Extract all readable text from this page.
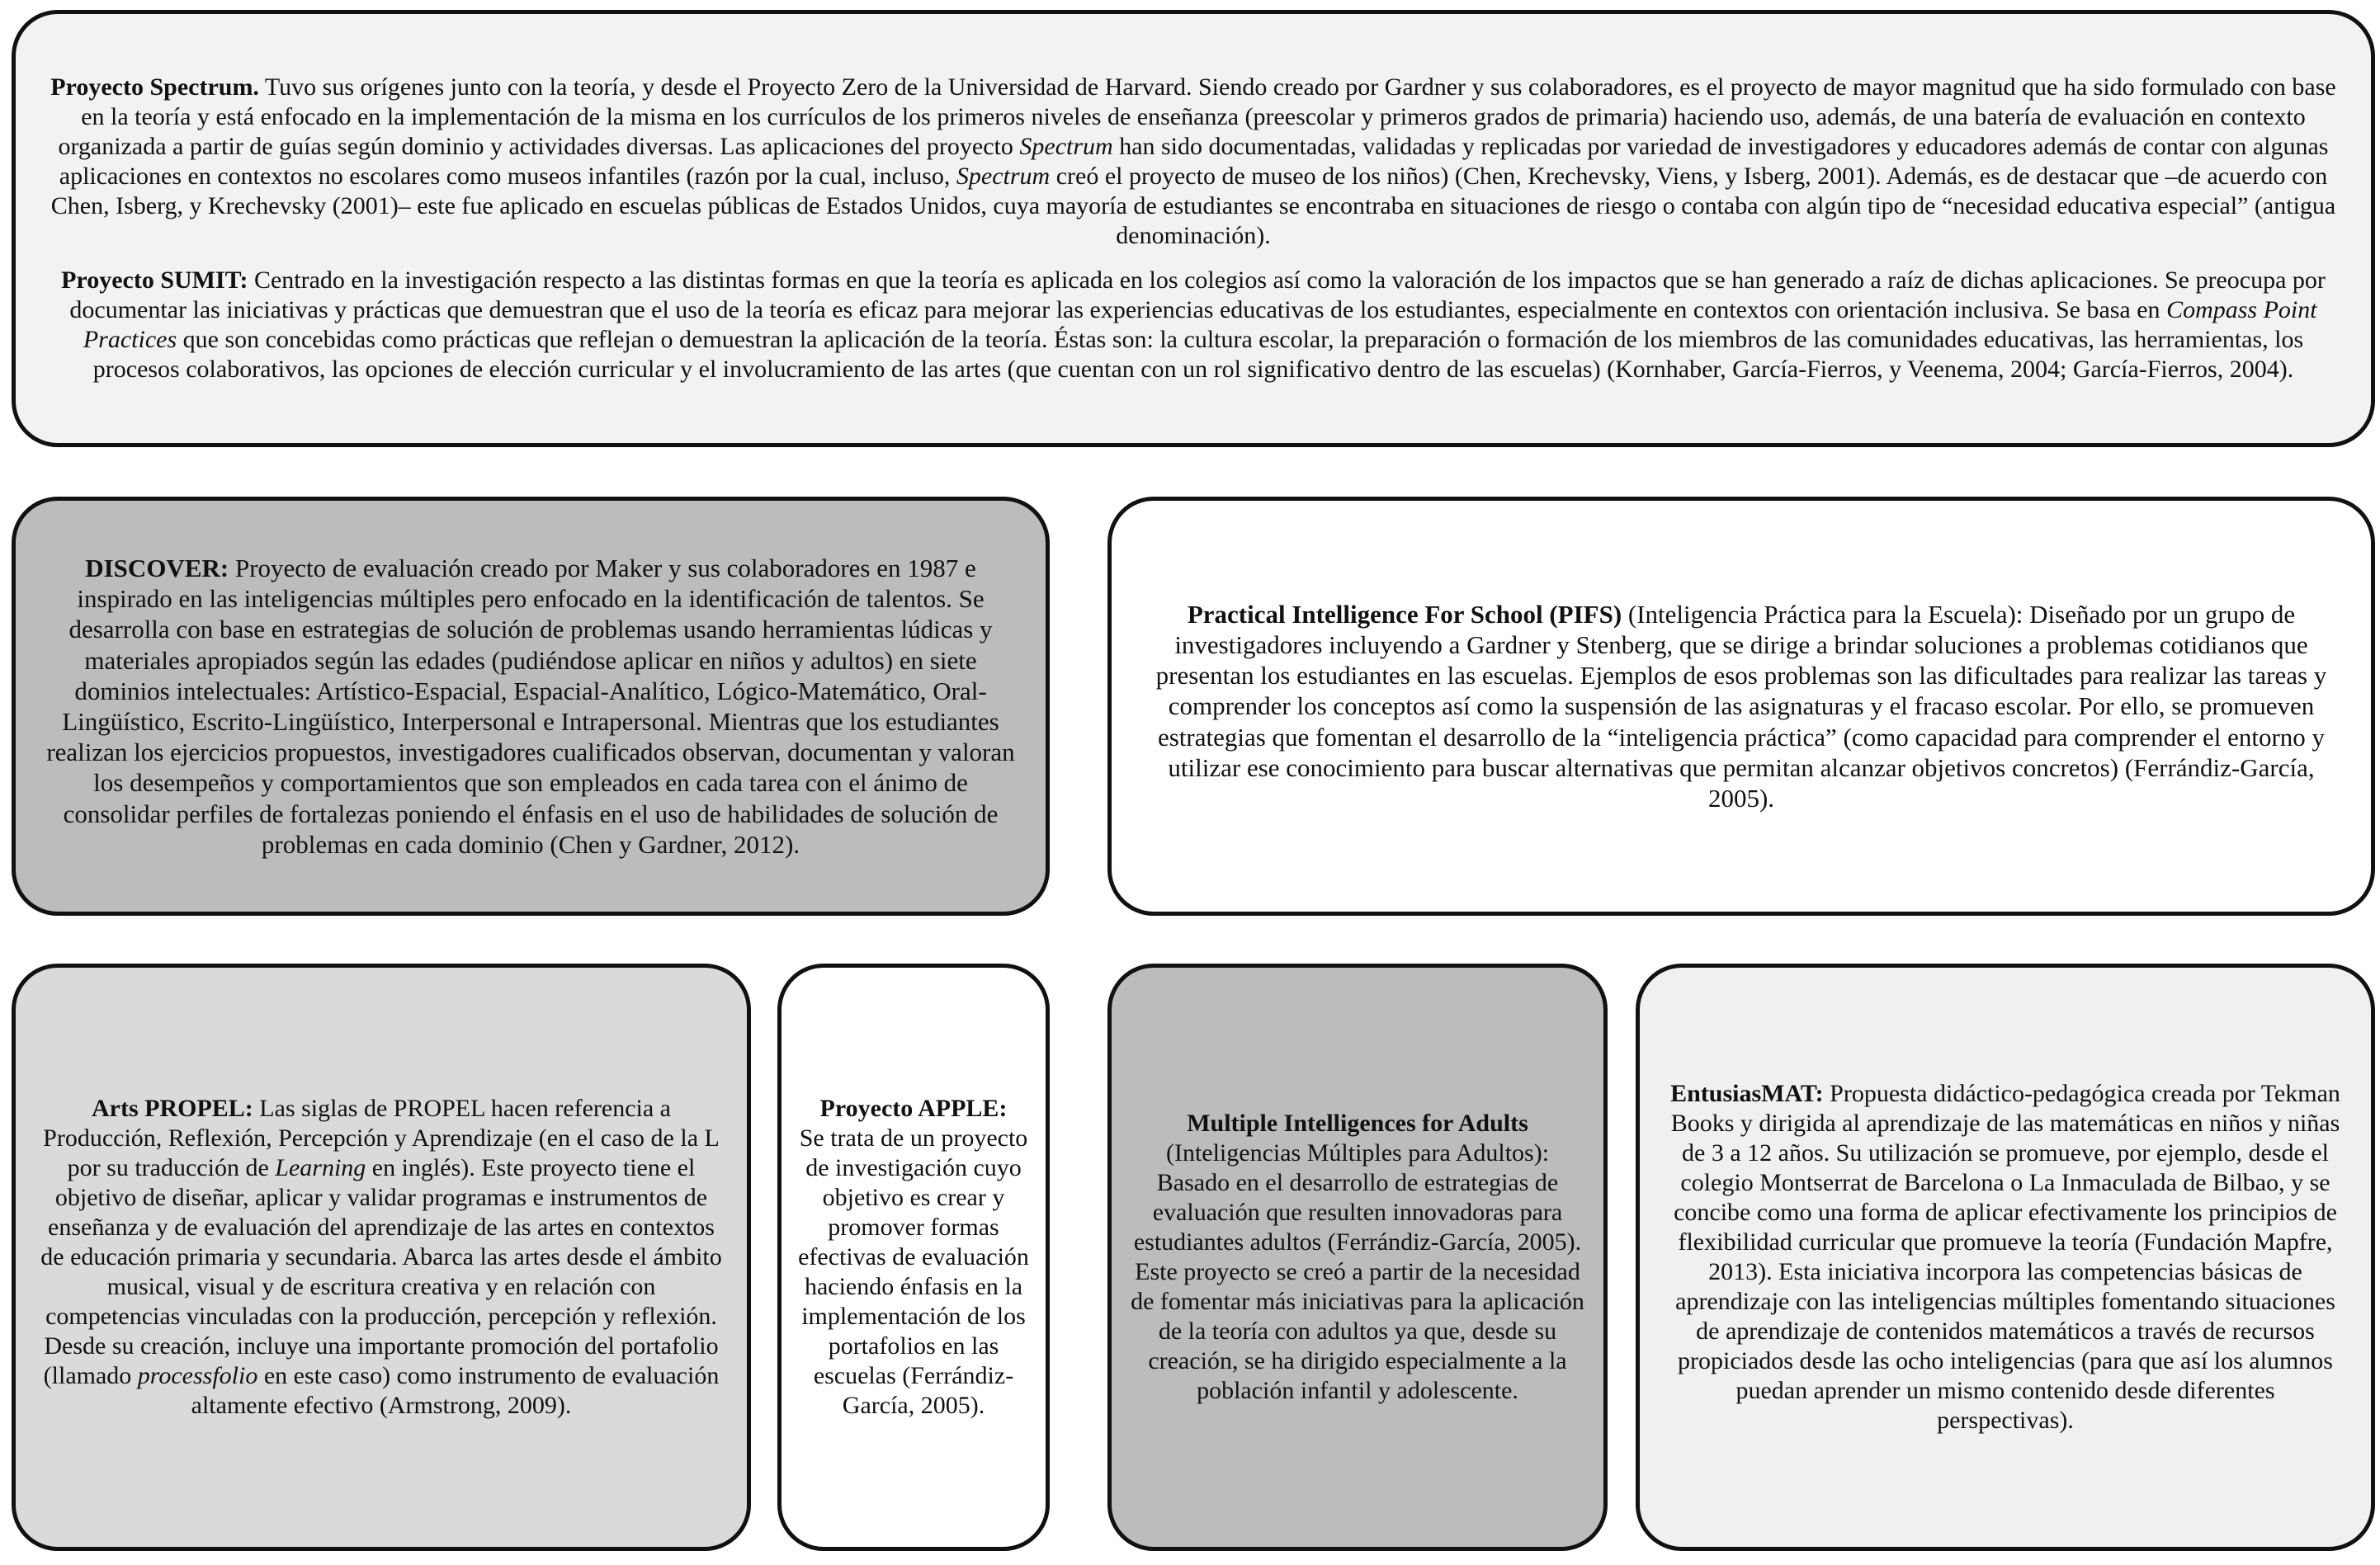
Proyecto Spectrum. Tuvo sus orígenes junto con la teoría, y desde el Proyecto Zero de la Universidad de Harvard. Siendo creado por Gardner y sus colaboradores, es el proyecto de mayor magnitud que ha sido formulado con base en la teoría y está enfocado en la implementación de la misma en los currículos de los primeros niveles de enseñanza (preescolar y primeros grados de primaria) haciendo uso, además, de una batería de evaluación en contexto organizada a partir de guías según dominio y actividades diversas. Las aplicaciones del proyecto Spectrum han sido documentadas, validadas y replicadas por variedad de investigadores y educadores además de contar con algunas aplicaciones en contextos no escolares como museos infantiles (razón por la cual, incluso, Spectrum creó el proyecto de museo de los niños) (Chen, Krechevsky, Viens, y Isberg, 2001). Además, es de destacar que –de acuerdo con Chen, Isberg, y Krechevsky (2001)– este fue aplicado en escuelas públicas de Estados Unidos, cuya mayoría de estudiantes se encontraba en situaciones de riesgo o contaba con algún tipo de “necesidad educativa especial” (antigua denominación).

Proyecto SUMIT: Centrado en la investigación respecto a las distintas formas en que la teoría es aplicada en los colegios así como la valoración de los impactos que se han generado a raíz de dichas aplicaciones. Se preocupa por documentar las iniciativas y prácticas que demuestran que el uso de la teoría es eficaz para mejorar las experiencias educativas de los estudiantes, especialmente en contextos con orientación inclusiva. Se basa en Compass Point Practices que son concebidas como prácticas que reflejan o demuestran la aplicación de la teoría. Éstas son: la cultura escolar, la preparación o formación de los miembros de las comunidades educativas, las herramientas, los procesos colaborativos, las opciones de elección curricular y el involucramiento de las artes (que cuentan con un rol significativo dentro de las escuelas) (Kornhaber, García-Fierros, y Veenema, 2004; García-Fierros, 2004).

DISCOVER: Proyecto de evaluación creado por Maker y sus colaboradores en 1987 e inspirado en las inteligencias múltiples pero enfocado en la identificación de talentos. Se desarrolla con base en estrategias de solución de problemas usando herramientas lúdicas y materiales apropiados según las edades (pudiéndose aplicar en niños y adultos) en siete dominios intelectuales: Artístico-Espacial, Espacial-Analítico, Lógico-Matemático, Oral-Lingüístico, Escrito-Lingüístico, Interpersonal e Intrapersonal. Mientras que los estudiantes realizan los ejercicios propuestos, investigadores cualificados observan, documentan y valoran los desempeños y comportamientos que son empleados en cada tarea con el ánimo de consolidar perfiles de fortalezas poniendo el énfasis en el uso de habilidades de solución de problemas en cada dominio (Chen y Gardner, 2012).

Practical Intelligence For School (PIFS) (Inteligencia Práctica para la Escuela): Diseñado por un grupo de investigadores incluyendo a Gardner y Stenberg, que se dirige a brindar soluciones a problemas cotidianos que presentan los estudiantes en las escuelas. Ejemplos de esos problemas son las dificultades para realizar las tareas y comprender los conceptos así como la suspensión de las asignaturas y el fracaso escolar. Por ello, se promueven estrategias que fomentan el desarrollo de la “inteligencia práctica” (como capacidad para comprender el entorno y utilizar ese conocimiento para buscar alternativas que permitan alcanzar objetivos concretos) (Ferrándiz-García, 2005).

Arts PROPEL: Las siglas de PROPEL hacen referencia a Producción, Reflexión, Percepción y Aprendizaje (en el caso de la L por su traducción de Learning en inglés). Este proyecto tiene el objetivo de diseñar, aplicar y validar programas e instrumentos de enseñanza y de evaluación del aprendizaje de las artes en contextos de educación primaria y secundaria. Abarca las artes desde el ámbito musical, visual y de escritura creativa y en relación con competencias vinculadas con la producción, percepción y reflexión. Desde su creación, incluye una importante promoción del portafolio (llamado processfolio en este caso) como instrumento de evaluación altamente efectivo (Armstrong, 2009).

Proyecto APPLE:
Se trata de un proyecto de investigación cuyo objetivo es crear y promover formas efectivas de evaluación haciendo énfasis en la implementación de los portafolios en las escuelas (Ferrándiz-García, 2005).

Multiple Intelligences for Adults (Inteligencias Múltiples para Adultos): Basado en el desarrollo de estrategias de evaluación que resulten innovadoras para estudiantes adultos (Ferrándiz-García, 2005). Este proyecto se creó a partir de la necesidad de fomentar más iniciativas para la aplicación de la teoría con adultos ya que, desde su creación, se ha dirigido especialmente a la población infantil y adolescente.

EntusiasMAT: Propuesta didáctico-pedagógica creada por Tekman Books y dirigida al aprendizaje de las matemáticas en niños y niñas de 3 a 12 años. Su utilización se promueve, por ejemplo, desde el colegio Montserrat de Barcelona o La Inmaculada de Bilbao, y se concibe como una forma de aplicar efectivamente los principios de flexibilidad curricular que promueve la teoría (Fundación Mapfre, 2013). Esta iniciativa incorpora las competencias básicas de aprendizaje con las inteligencias múltiples fomentando situaciones de aprendizaje de contenidos matemáticos a través de recursos propiciados desde las ocho inteligencias (para que así los alumnos puedan aprender un mismo contenido desde diferentes perspectivas).
